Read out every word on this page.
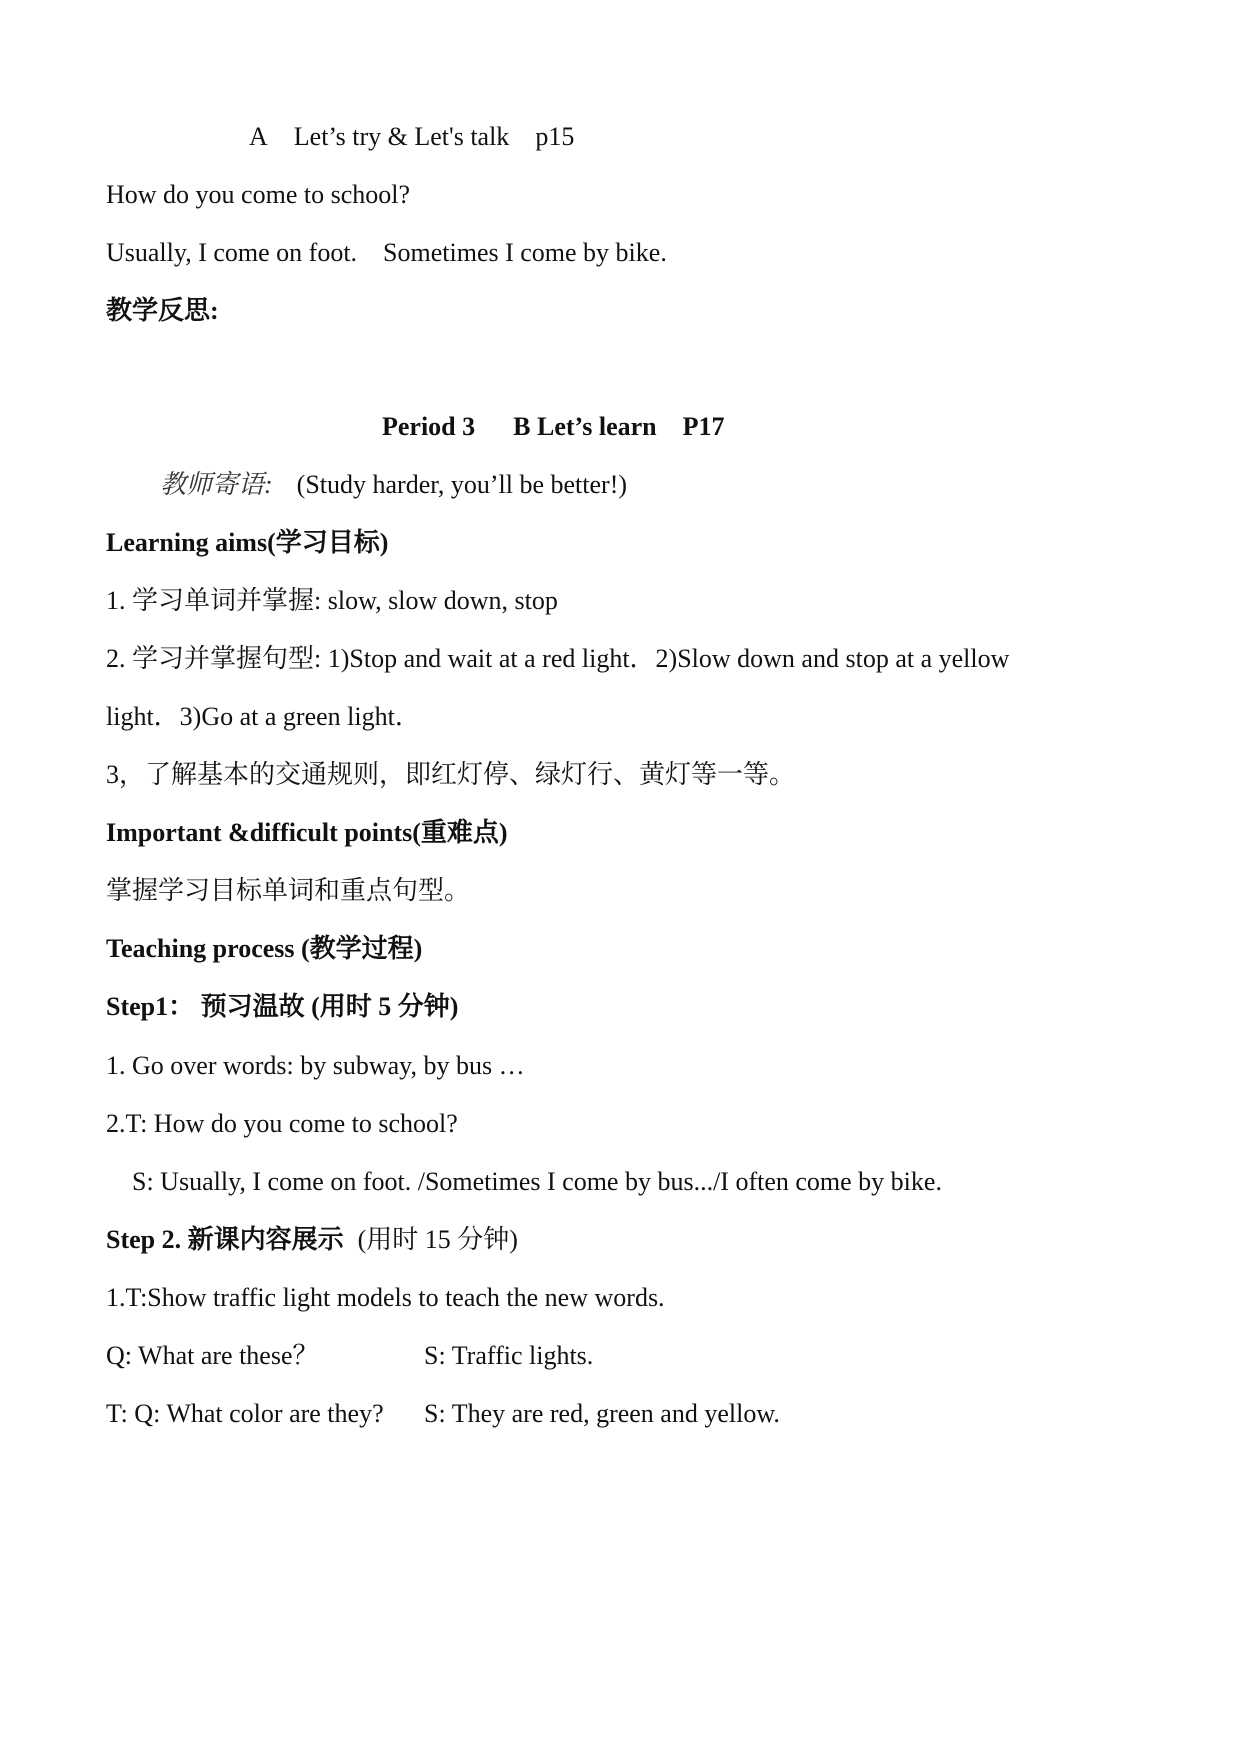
A Let’s try & Let's talk p15
How do you come to school?
Usually, I come on foot. Sometimes I come by bike.
教学反思:
Period 3 B Let’s learn P17
教师寄语: (Study harder, you’ll be better!)
Learning aims(学习目标)
1. 学习单词并掌握: slow, slow down, stop
2. 学习并掌握句型: 1)Stop and wait at a red light．2)Slow down and stop at a yellow
light．3)Go at a green light．
3，了解基本的交通规则，即红灯停、绿灯行、黄灯等一等。
Important &difficult points(重难点)
掌握学习目标单词和重点句型。
Teaching process (教学过程)
Step1： 预习温故 (用时 5 分钟)
1. Go over words: by subway, by bus …
2.T: How do you come to school?
S: Usually, I come on foot. /Sometimes I come by bus.../I often come by bike.
Step 2. 新课内容展示 (用时 15 分钟)
1.T:Show traffic light models to teach the new words.
Q: What are these？	S: Traffic lights.
T: Q: What color are they? S: They are red, green and yellow.
